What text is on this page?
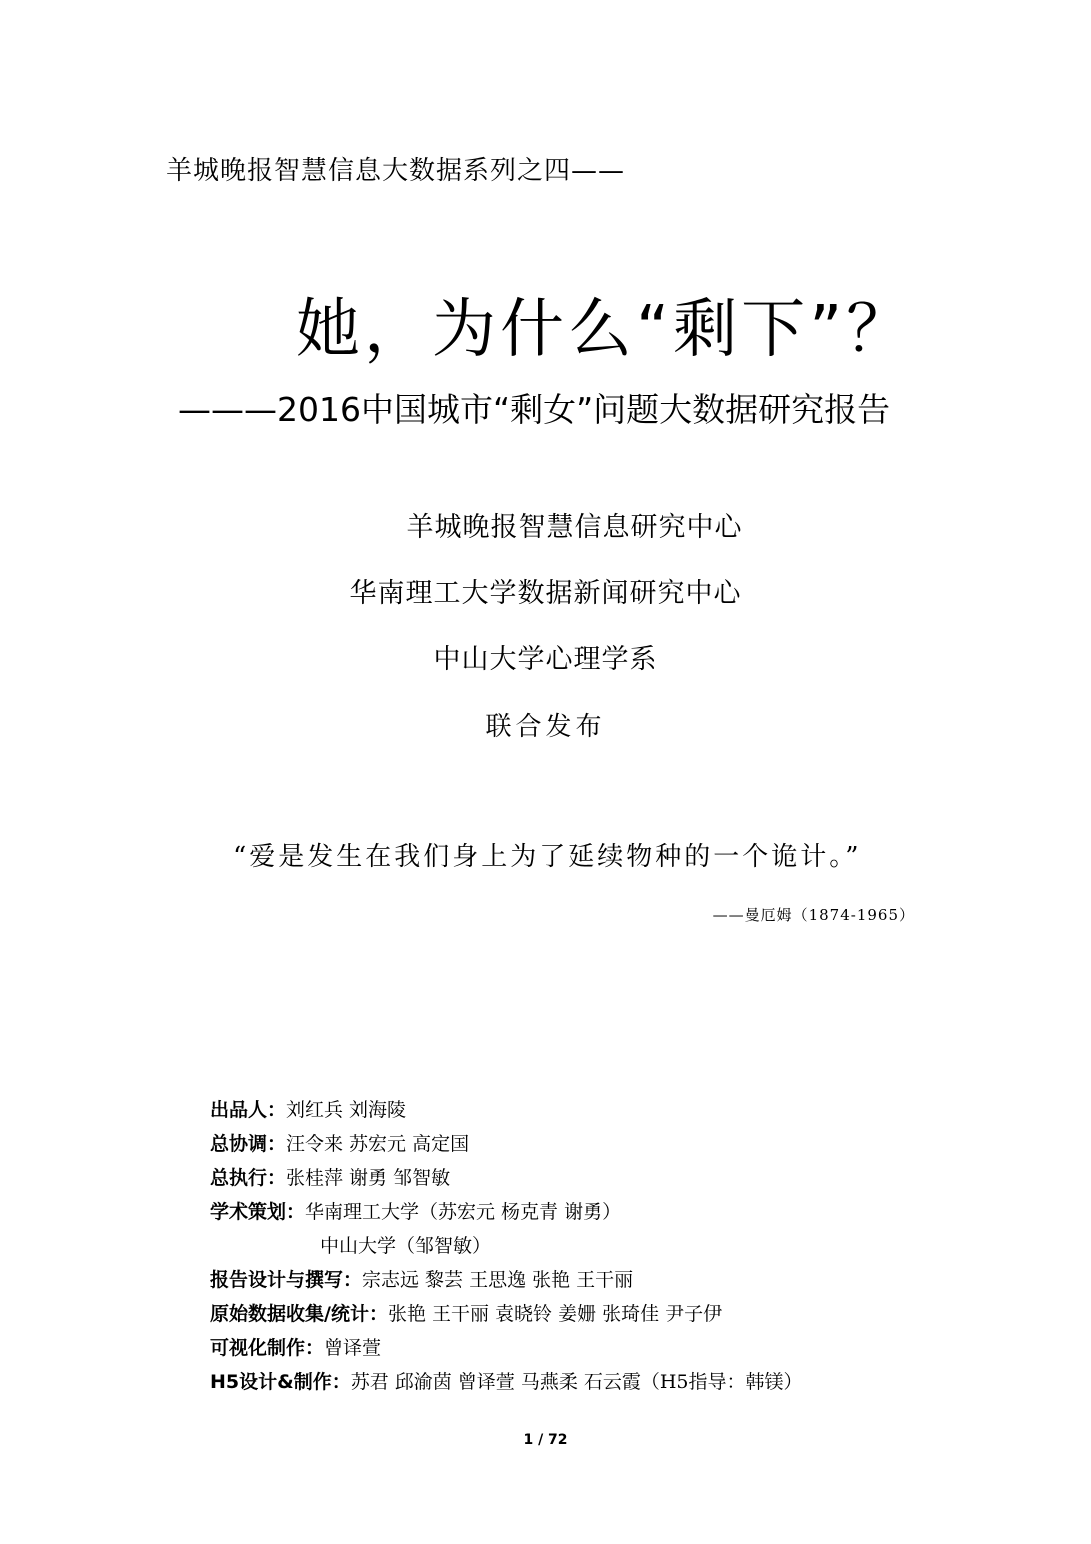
羊城晚报智慧信息大数据系列之四——
她，为什么“剩下”？
———2016中国城市“剩女”问题大数据研究报告
羊城晚报智慧信息研究中心
华南理工大学数据新闻研究中心
中山大学心理学系
联合发布
“爱是发生在我们身上为了延续物种的一个诡计。”
——曼厄姆（1874-1965）
出品人：刘红兵 刘海陵
总协调：汪令来 苏宏元 高定国
总执行：张桂萍 谢勇 邹智敏
学术策划：华南理工大学（苏宏元 杨克青 谢勇）
中山大学（邹智敏）
报告设计与撰写：宗志远 黎芸 王思逸 张艳 王干丽
原始数据收集/统计：张艳 王干丽 袁晓铃 姜姗 张琦佳 尹子伊
可视化制作：曾译萱
H5设计&制作：苏君 邱渝茵 曾译萱 马燕柔 石云霞（H5指导：韩镁）
1 / 72
